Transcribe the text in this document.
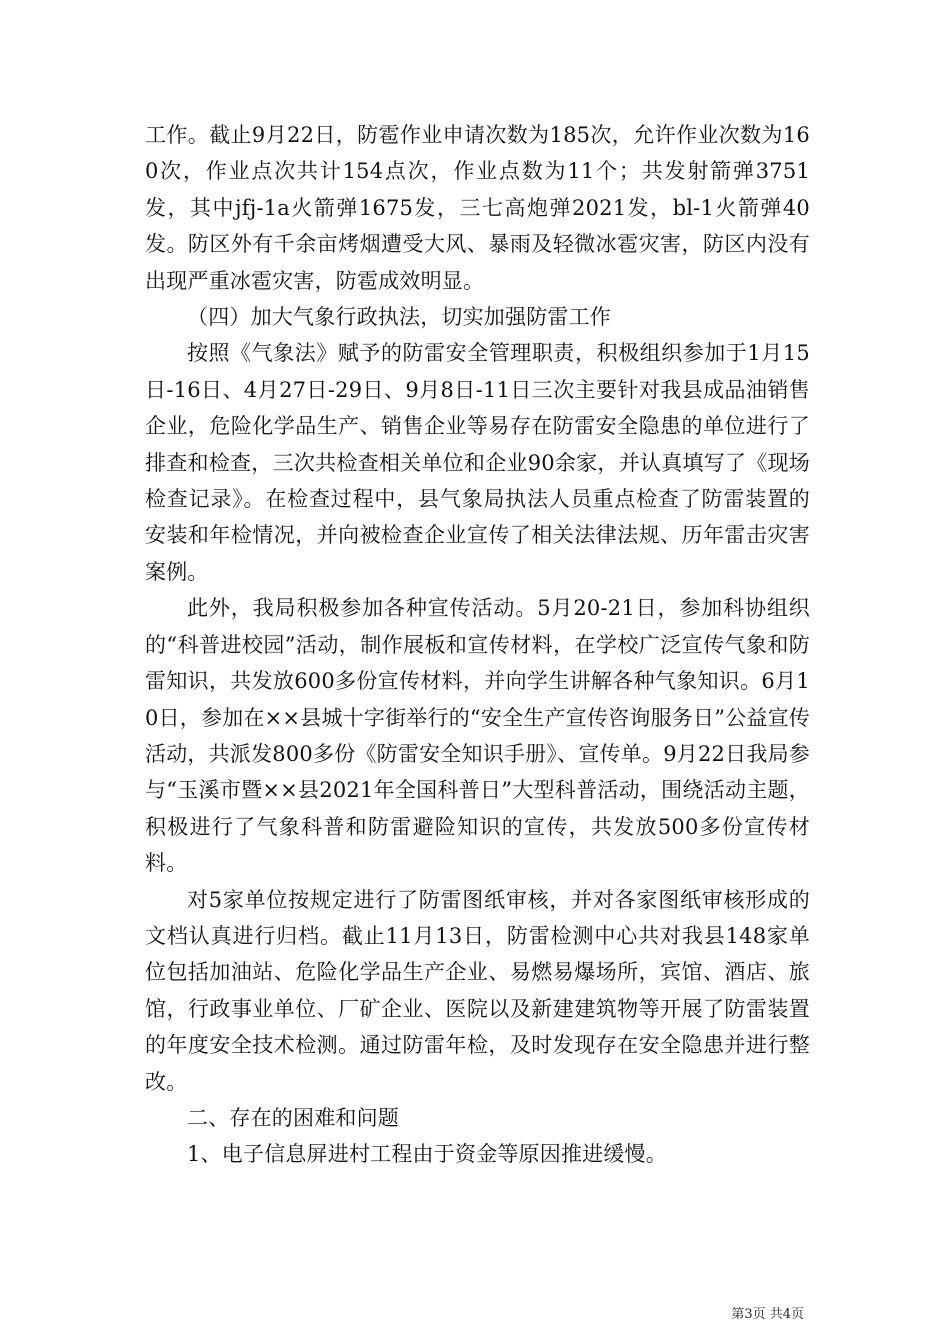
工作。截止9月22日，防雹作业申请次数为185次，允许作业次数为160次，作业点次共计154点次，作业点数为11个；共发射箭弹3751发，其中jfj-1a火箭弹1675发，三七高炮弹2021发，bl-1火箭弹40发。防区外有千余亩烤烟遭受大风、暴雨及轻微冰雹灾害，防区内没有出现严重冰雹灾害，防雹成效明显。

（四）加大气象行政执法，切实加强防雷工作

按照《气象法》赋予的防雷安全管理职责，积极组织参加于1月15日-16日、4月27日-29日、9月8日-11日三次主要针对我县成品油销售企业，危险化学品生产、销售企业等易存在防雷安全隐患的单位进行了排查和检查，三次共检查相关单位和企业90余家，并认真填写了《现场检查记录》。在检查过程中，县气象局执法人员重点检查了防雷装置的安装和年检情况，并向被检查企业宣传了相关法律法规、历年雷击灾害案例。

此外，我局积极参加各种宣传活动。5月20-21日，参加科协组织的“科普进校园”活动，制作展板和宣传材料，在学校广泛宣传气象和防雷知识，共发放600多份宣传材料，并向学生讲解各种气象知识。6月10日，参加在××县城十字街举行的“安全生产宣传咨询服务日”公益宣传活动，共派发800多份《防雷安全知识手册》、宣传单。9月22日我局参与“玉溪市暨××县2021年全国科普日”大型科普活动，围绕活动主题，积极进行了气象科普和防雷避险知识的宣传，共发放500多份宣传材料。

对5家单位按规定进行了防雷图纸审核，并对各家图纸审核形成的文档认真进行归档。截止11月13日，防雷检测中心共对我县148家单位包括加油站、危险化学品生产企业、易燃易爆场所，宾馆、酒店、旅馆，行政事业单位、厂矿企业、医院以及新建建筑物等开展了防雷装置的年度安全技术检测。通过防雷年检，及时发现存在安全隐患并进行整改。

二、存在的困难和问题

1、电子信息屏进村工程由于资金等原因推进缓慢。

第3页 共4页
